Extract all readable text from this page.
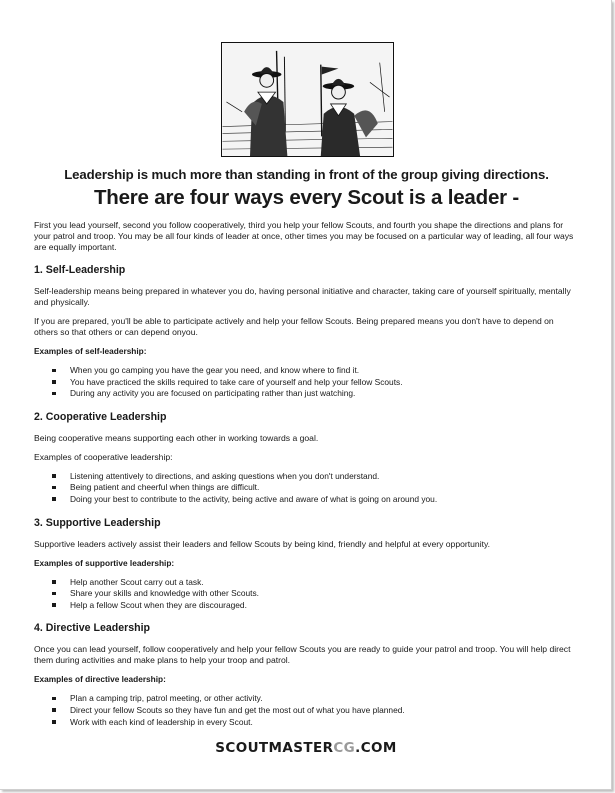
Leadership is much more than standing in front of the group giving directions.
There are four ways every Scout is a leader -

First you lead yourself, second you follow cooperatively, third you help your fellow Scouts, and fourth you shape the directions and plans for your patrol and troop. You may be all four kinds of leader at once, other times you may be focused on a particular way of leading, all four ways are equally important.

1. Self-Leadership

Self-leadership means being prepared in whatever you do, having personal initiative and character, taking care of yourself spiritually, mentally and physically.

If you are prepared, you'll be able to participate actively and help your fellow Scouts. Being prepared means you don't have to depend on others so that others or can depend onyou.

Examples of self-leadership:
When you go camping you have the gear you need, and know where to find it.
You have practiced the skills required to take care of yourself and help your fellow Scouts.
During any activity you are focused on participating rather than just watching.
2. Cooperative Leadership

Being cooperative means supporting each other in working towards a goal.

Examples of cooperative leadership:

Listening attentively to directions, and asking questions when you don't understand.
Being patient and cheerful when things are difficult.
Doing your best to contribute to the activity, being active and aware of what is going on around you.
3. Supportive Leadership

Supportive leaders actively assist their leaders and fellow Scouts by being kind, friendly and helpful at every opportunity.

Examples of supportive leadership:
Help another Scout carry out a task.
Share your skills and knowledge with other Scouts.
Help a fellow Scout when they are discouraged.
4. Directive Leadership

Once you can lead yourself, follow cooperatively and help your fellow Scouts you are ready to guide your patrol and troop. You will help direct them during activities and make plans to help your troop and patrol.

Examples of directive leadership:
Plan a camping trip, patrol meeting, or other activity.
Direct your fellow Scouts so they have fun and get the most out of what you have planned.
Work with each kind of leadership in every Scout.
SCOUTMASTERCG.COM
